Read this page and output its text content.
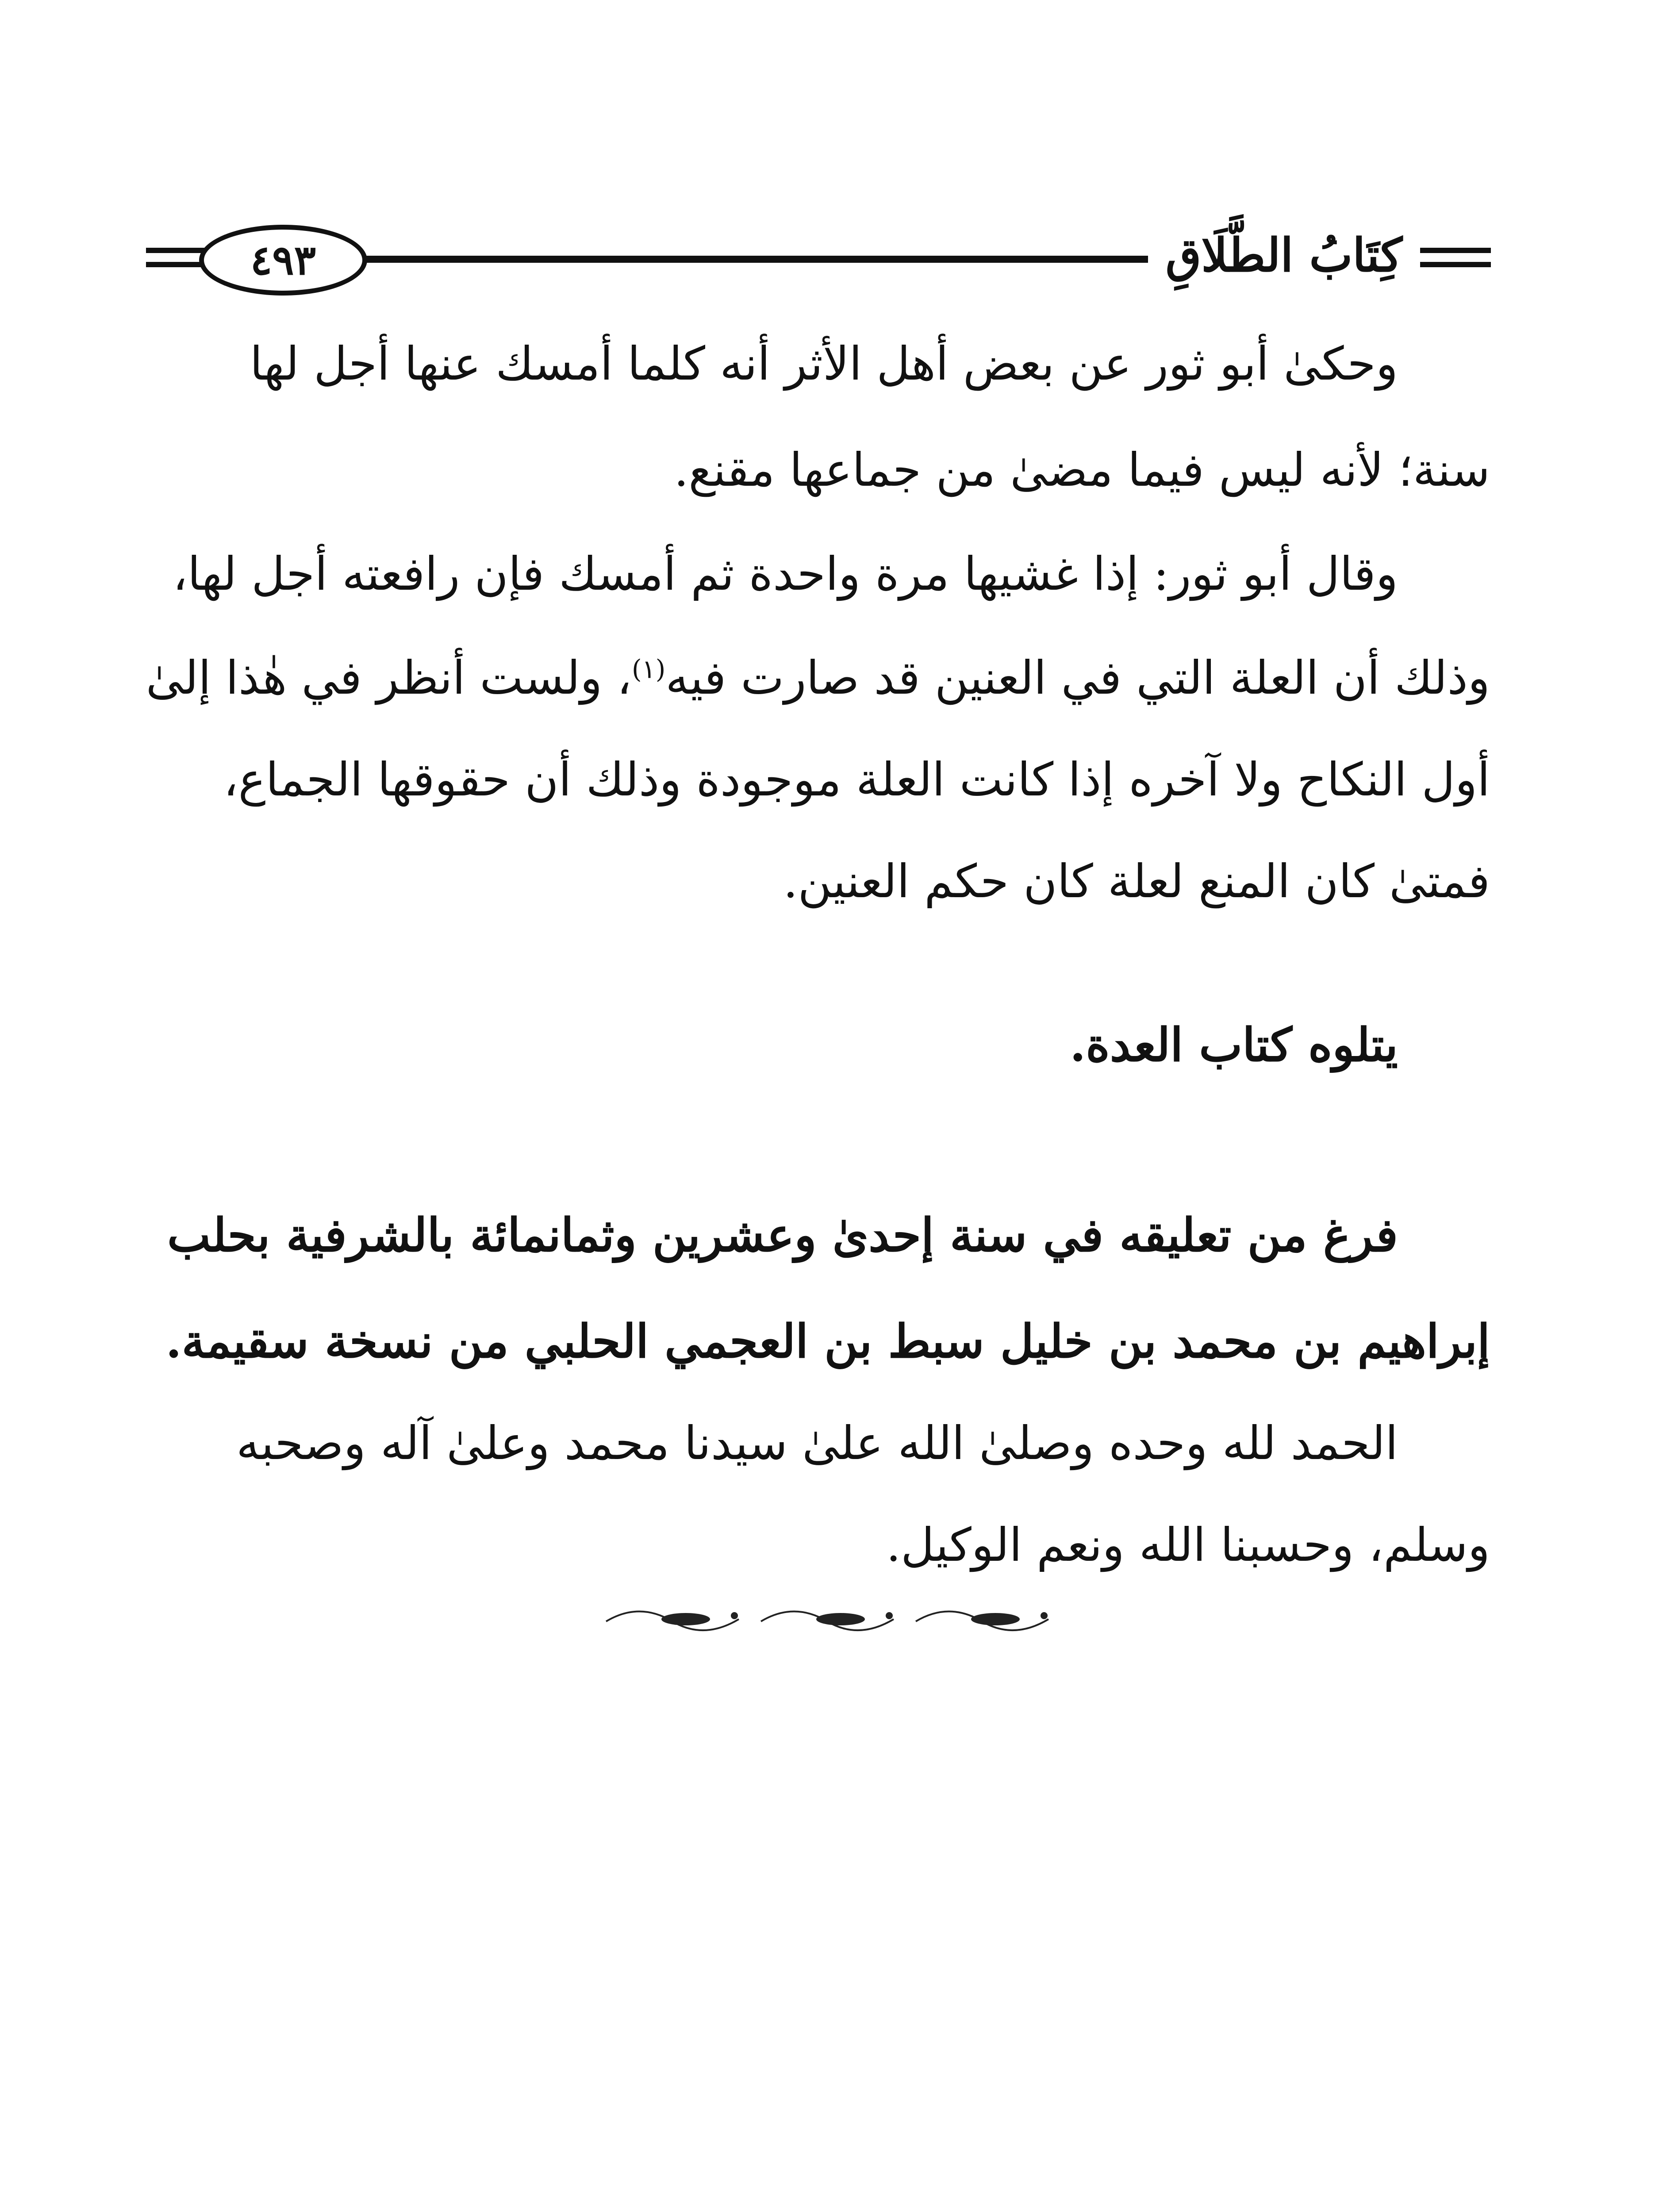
٤٩٣	كِتَابُ الطَّلَاقِ
وحكىٰ أبو ثور عن بعض أهل الأثر أنه كلما أمسك عنها أجل لها
سنة؛ لأنه ليس فيما مضىٰ من جماعها مقنع.
وقال أبو ثور: إذا غشيها مرة واحدة ثم أمسك فإن رافعته أجل لها،
وذلك أن العلة التي في العنين قد صارت فيه$^{(١)}$، ولست أنظر في هٰذا إلىٰ
أول النكاح ولا آخره إذا كانت العلة موجودة وذلك أن حقوقها الجماع،
فمتىٰ كان المنع لعلة كان حكم العنين.
يتلوه كتاب العدة.
فرغ من تعليقه في سنة إحدىٰ وعشرين وثمانمائة بالشرفية بحلب
إبراهيم بن محمد بن خليل سبط بن العجمي الحلبي من نسخة سقيمة.
الحمد لله وحده وصلىٰ الله علىٰ سيدنا محمد وعلىٰ آله وصحبه
وسلم، وحسبنا الله ونعم الوكيل.
